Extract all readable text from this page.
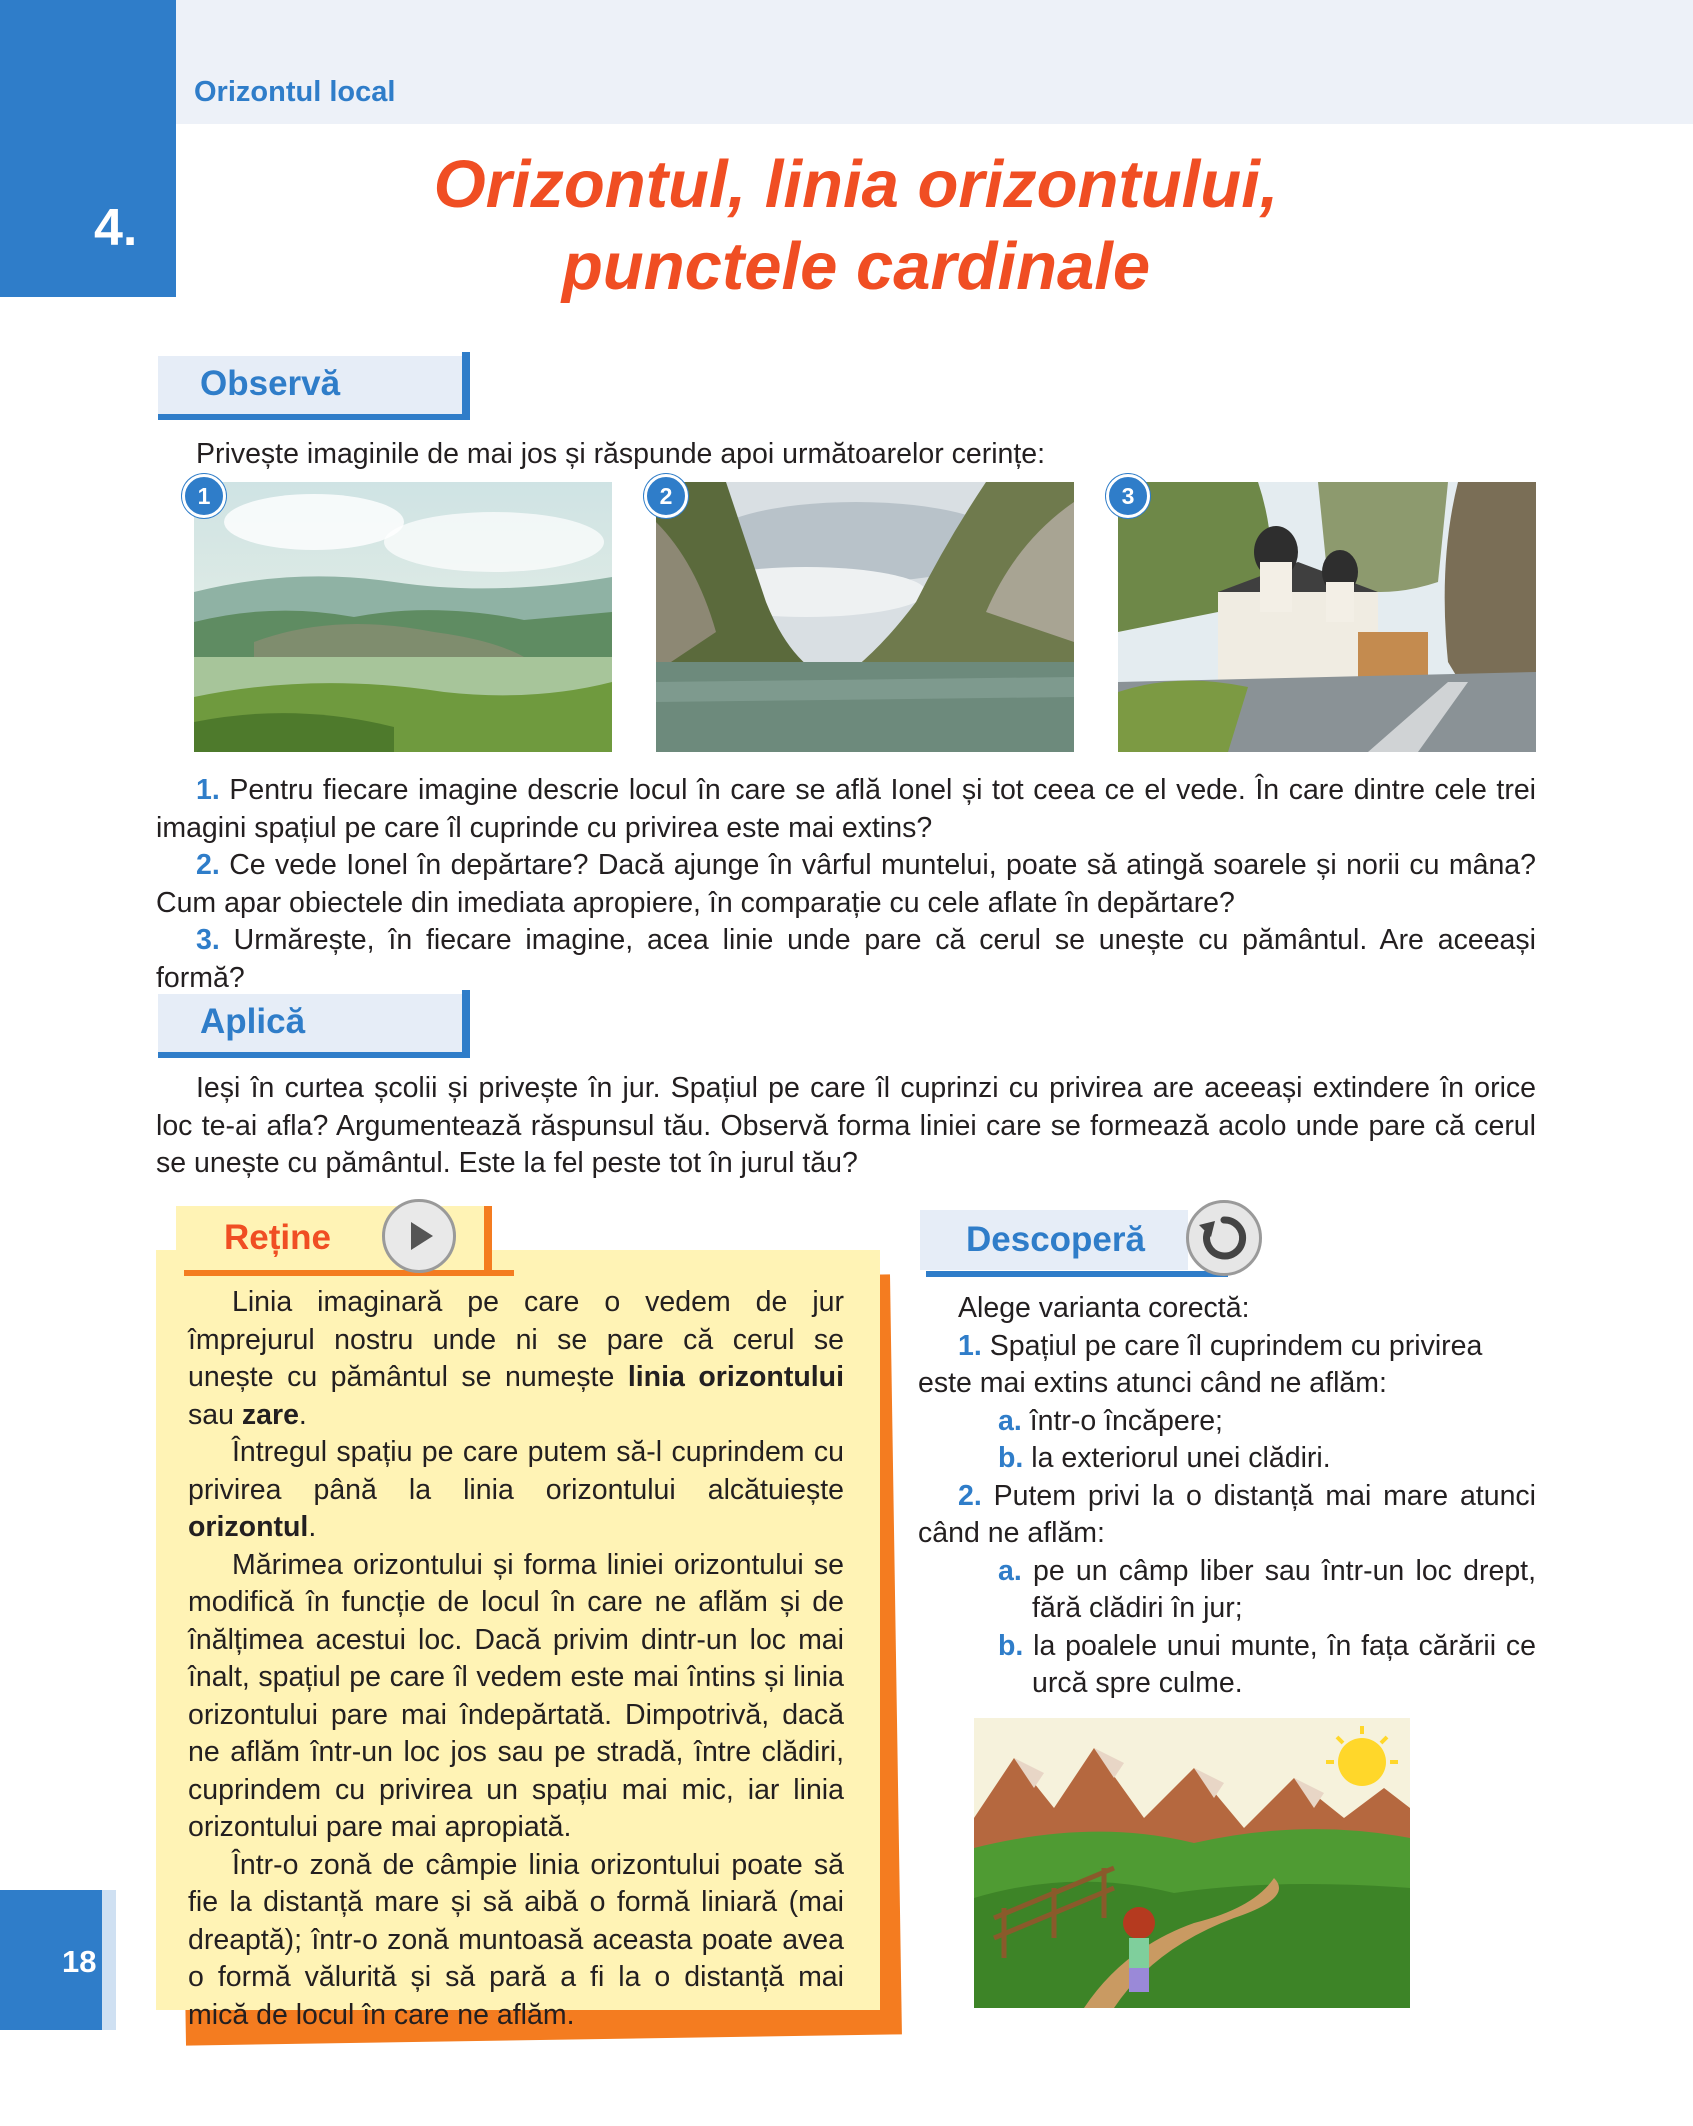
4.
Orizontul local
Orizontul, linia orizontului,
punctele cardinale
Observă
Privește imaginile de mai jos și răspunde apoi următoarelor cerințe:
1	2	3
1. Pentru fiecare imagine descrie locul în care se află Ionel și tot ceea ce el vede. În care dintre cele trei imagini spațiul pe care îl cuprinde cu privirea este mai extins?
2. Ce vede Ionel în depărtare? Dacă ajunge în vârful muntelui, poate să atingă soarele și norii cu mâna? Cum apar obiectele din imediata apropiere, în comparație cu cele aflate în depărtare?
3. Urmărește, în fiecare imagine, acea linie unde pare că cerul se unește cu pământul. Are aceeași formă?
Aplică
Ieși în curtea școlii și privește în jur. Spațiul pe care îl cuprinzi cu privirea are aceeași extindere în orice loc te-ai afla? Argumentează răspunsul tău. Observă forma liniei care se formează acolo unde pare că cerul se unește cu pământul. Este la fel peste tot în jurul tău?
Reține

Linia imaginară pe care o vedem de jur împrejurul nostru unde ni se pare că cerul se unește cu pământul se numește linia orizontului sau zare.

Întregul spațiu pe care putem să-l cuprindem cu privirea până la linia orizontului alcătuiește orizontul.

Mărimea orizontului și forma liniei orizontului se modifică în funcție de locul în care ne aflăm și de înălțimea acestui loc. Dacă privim dintr-un loc mai înalt, spațiul pe care îl vedem este mai întins și linia orizontului pare mai îndepărtată. Dimpotrivă, dacă ne aflăm într-un loc jos sau pe stradă, între clădiri, cuprindem cu privirea un spațiu mai mic, iar linia orizontului pare mai apropiată.

Într-o zonă de câmpie linia orizontului poate să fie la distanță mare și să aibă o formă liniară (mai dreaptă); într-o zonă muntoasă aceasta poate avea o formă vălurită și să pară a fi la o distanță mai mică de locul în care ne aflăm.

Descoperă

Alege varianta corectă:

1. Spațiul pe care îl cuprindem cu privirea este mai extins atunci când ne aflăm:

a. într-o încăpere;

b. la exteriorul unei clădiri.

2. Putem privi la o distanță mai mare atunci când ne aflăm:

a. pe un câmp liber sau într-un loc drept, fără clădiri în jur;

b. la poalele unui munte, în fața cărării ce urcă spre culme.

18
